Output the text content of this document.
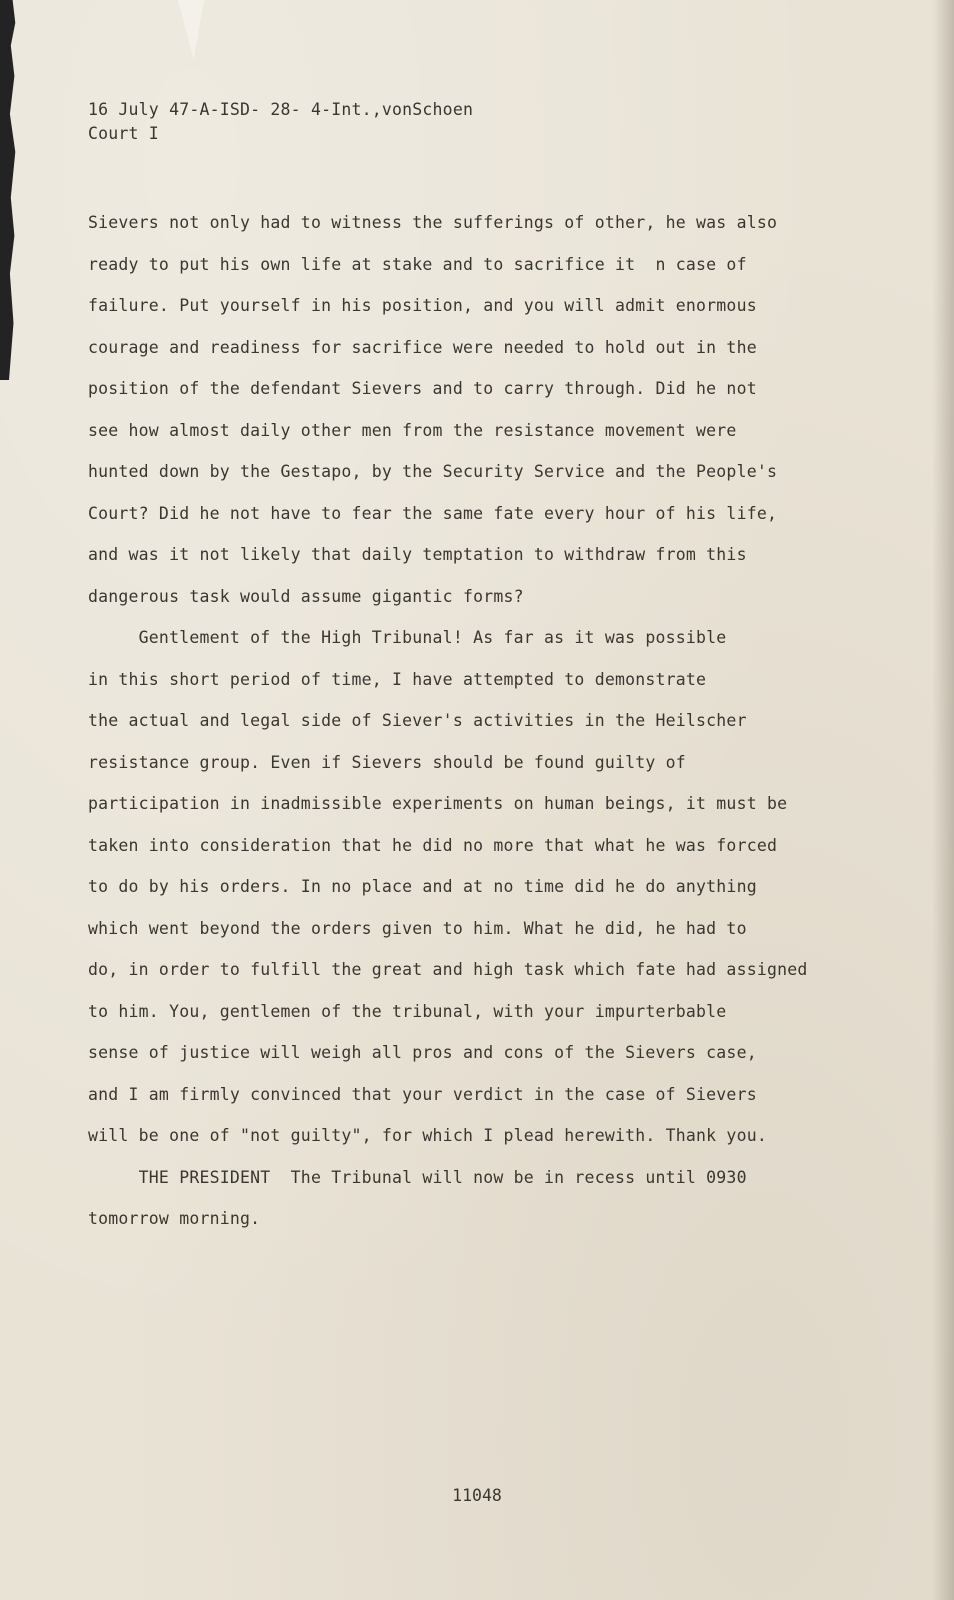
16 July 47-A-ISD- 28- 4-Int.,vonSchoen
Court I
Sievers not only had to witness the sufferings of other, he was also
ready to put his own life at stake and to sacrifice it  n case of
failure. Put yourself in his position, and you will admit enormous
courage and readiness for sacrifice were needed to hold out in the
position of the defendant Sievers and to carry through. Did he not
see how almost daily other men from the resistance movement were
hunted down by the Gestapo, by the Security Service and the People's
Court? Did he not have to fear the same fate every hour of his life,
and was it not likely that daily temptation to withdraw from this
dangerous task would assume gigantic forms?
Gentlement of the High Tribunal! As far as it was possible
in this short period of time, I have attempted to demonstrate
the actual and legal side of Siever's activities in the Heilscher
resistance group. Even if Sievers should be found guilty of
participation in inadmissible experiments on human beings, it must be
taken into consideration that he did no more that what he was forced
to do by his orders. In no place and at no time did he do anything
which went beyond the orders given to him. What he did, he had to
do, in order to fulfill the great and high task which fate had assigned
to him. You, gentlemen of the tribunal, with your impurterbable
sense of justice will weigh all pros and cons of the Sievers case,
and I am firmly convinced that your verdict in the case of Sievers
will be one of "not guilty", for which I plead herewith. Thank you.
THE PRESIDENT  The Tribunal will now be in recess until 0930
tomorrow morning.
11048
